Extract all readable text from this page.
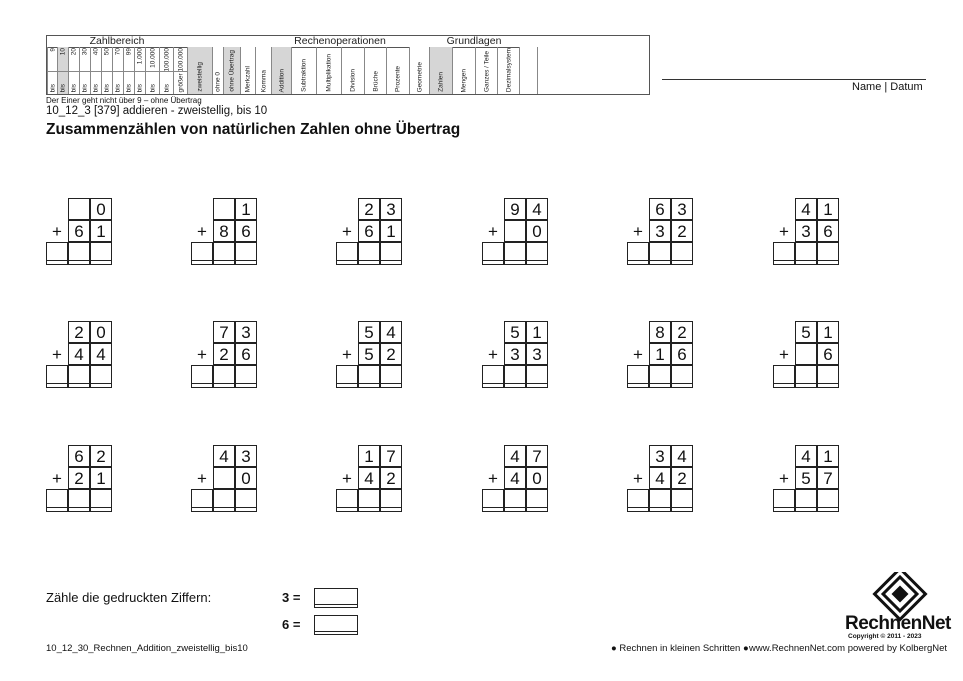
Zahlbereich	Rechenoperationen	Grundlagen
9
bis
10
bis
20
bis
30
bis
40
bis
50
bis
70
bis
99
bis
1.000
bis
10.000
bis
100.000
bis größer 100.000 zweistellig ohne 0 ohne Übertrag Merkzahl Komma Addition Subtraktion	Multiplikation	Division Brüche Prozente Geometrie Zahlen Mengen Ganzes / Teile Dezimalsystem	Name | Datum
Der Einer geht nicht über 9 – ohne Übertrag
10_12_3 [379] addieren - zweistellig, bis 10
Zusammenzählen von natürlichen Zahlen ohne Übertrag
0
+ 6 1
1
+ 8 6
2 3
+ 6 1
9 4
+	0
6 3
+ 3 2
4 1
+ 3 6
2 0
+ 4 4
7 3
+ 2 6
5 4
+ 5 2
5 1
+ 3 3
8 2
+ 1 6
5 1
+	6
6 2
+ 2 1
4 3
+	0
1 7
+ 4 2
4 7
+ 4 0
3 4
+ 4 2
4 1
+ 5 7
Zähle die gedruckten Ziffern:	3 =
6 =	RechnenNet
Copyright © 2011 - 2023
10_12_30_Rechnen_Addition_zweistellig_bis10	● Rechnen in kleinen Schritten ● www.RechnenNet.com powered by KolbergNet
